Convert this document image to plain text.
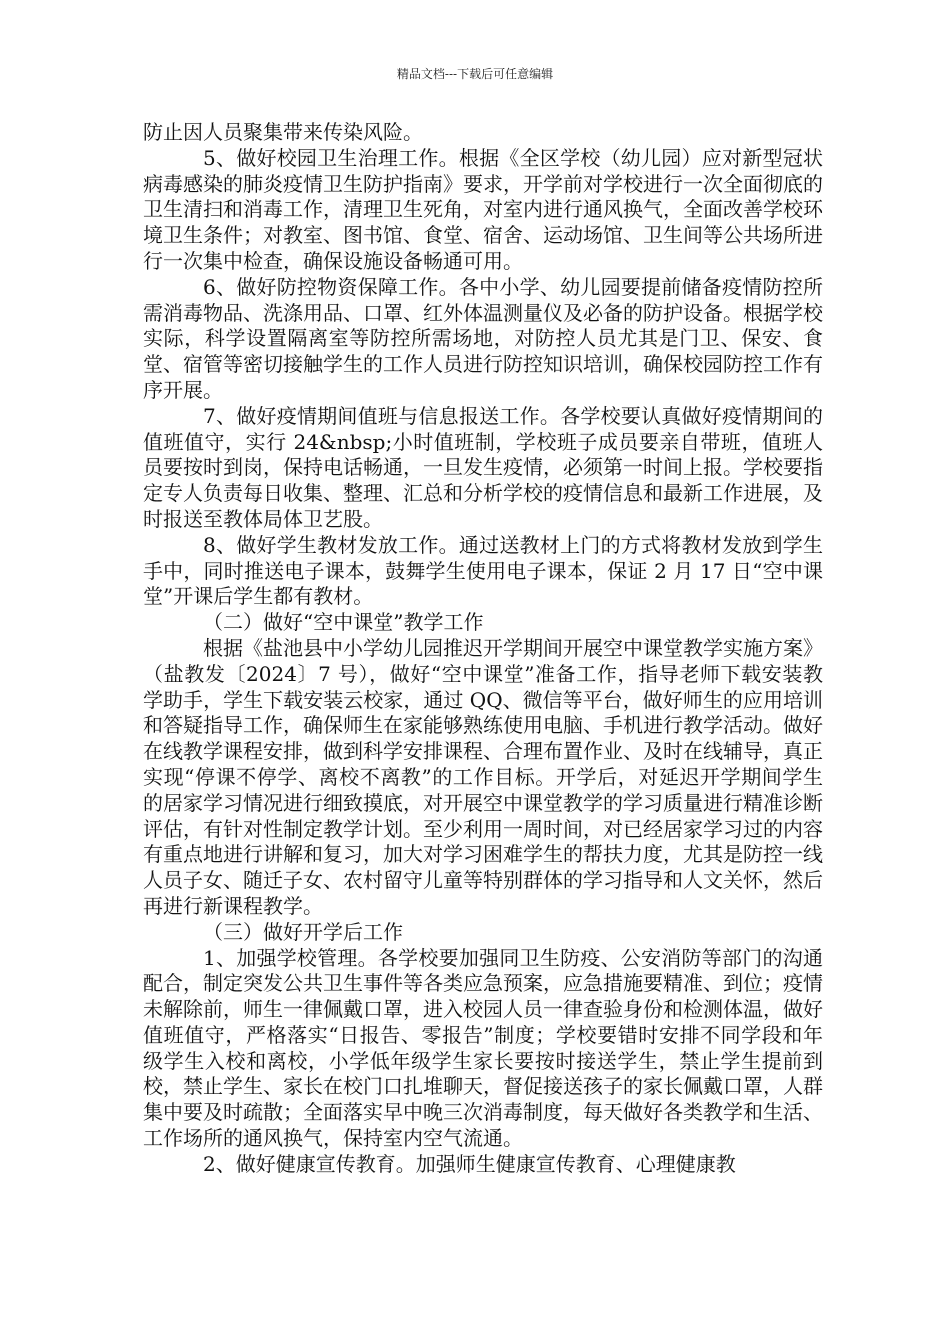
精品文档---下载后可任意编辑

防止因人员聚集带来传染风险。

5、做好校园卫生治理工作。根据《全区学校（幼儿园）应对新型冠状病毒感染的肺炎疫情卫生防护指南》要求，开学前对学校进行一次全面彻底的卫生清扫和消毒工作，清理卫生死角，对室内进行通风换气，全面改善学校环境卫生条件；对教室、图书馆、食堂、宿舍、运动场馆、卫生间等公共场所进行一次集中检查，确保设施设备畅通可用。

6、做好防控物资保障工作。各中小学、幼儿园要提前储备疫情防控所需消毒物品、洗涤用品、口罩、红外体温测量仪及必备的防护设备。根据学校实际，科学设置隔离室等防控所需场地，对防控人员尤其是门卫、保安、食堂、宿管等密切接触学生的工作人员进行防控知识培训，确保校园防控工作有序开展。

7、做好疫情期间值班与信息报送工作。各学校要认真做好疫情期间的值班值守，实行 24&nbsp;小时值班制，学校班子成员要亲自带班，值班人员要按时到岗，保持电话畅通，一旦发生疫情，必须第一时间上报。学校要指定专人负责每日收集、整理、汇总和分析学校的疫情信息和最新工作进展，及时报送至教体局体卫艺股。

8、做好学生教材发放工作。通过送教材上门的方式将教材发放到学生手中，同时推送电子课本，鼓舞学生使用电子课本，保证 2 月 17 日“空中课堂”开课后学生都有教材。

（二）做好“空中课堂”教学工作

根据《盐池县中小学幼儿园推迟开学期间开展空中课堂教学实施方案》（盐教发〔2024〕7 号），做好“空中课堂”准备工作，指导老师下载安装教学助手，学生下载安装云校家，通过 QQ、微信等平台，做好师生的应用培训和答疑指导工作，确保师生在家能够熟练使用电脑、手机进行教学活动。做好在线教学课程安排，做到科学安排课程、合理布置作业、及时在线辅导，真正实现“停课不停学、离校不离教”的工作目标。开学后，对延迟开学期间学生的居家学习情况进行细致摸底，对开展空中课堂教学的学习质量进行精准诊断评估，有针对性制定教学计划。至少利用一周时间，对已经居家学习过的内容有重点地进行讲解和复习，加大对学习困难学生的帮扶力度，尤其是防控一线人员子女、随迁子女、农村留守儿童等特别群体的学习指导和人文关怀，然后再进行新课程教学。

（三）做好开学后工作

1、加强学校管理。各学校要加强同卫生防疫、公安消防等部门的沟通配合，制定突发公共卫生事件等各类应急预案，应急措施要精准、到位；疫情未解除前，师生一律佩戴口罩，进入校园人员一律查验身份和检测体温，做好值班值守，严格落实“日报告、零报告”制度；学校要错时安排不同学段和年级学生入校和离校，小学低年级学生家长要按时接送学生，禁止学生提前到校，禁止学生、家长在校门口扎堆聊天，督促接送孩子的家长佩戴口罩，人群集中要及时疏散；全面落实早中晚三次消毒制度，每天做好各类教学和生活、工作场所的通风换气，保持室内空气流通。

2、做好健康宣传教育。加强师生健康宣传教育、心理健康教
